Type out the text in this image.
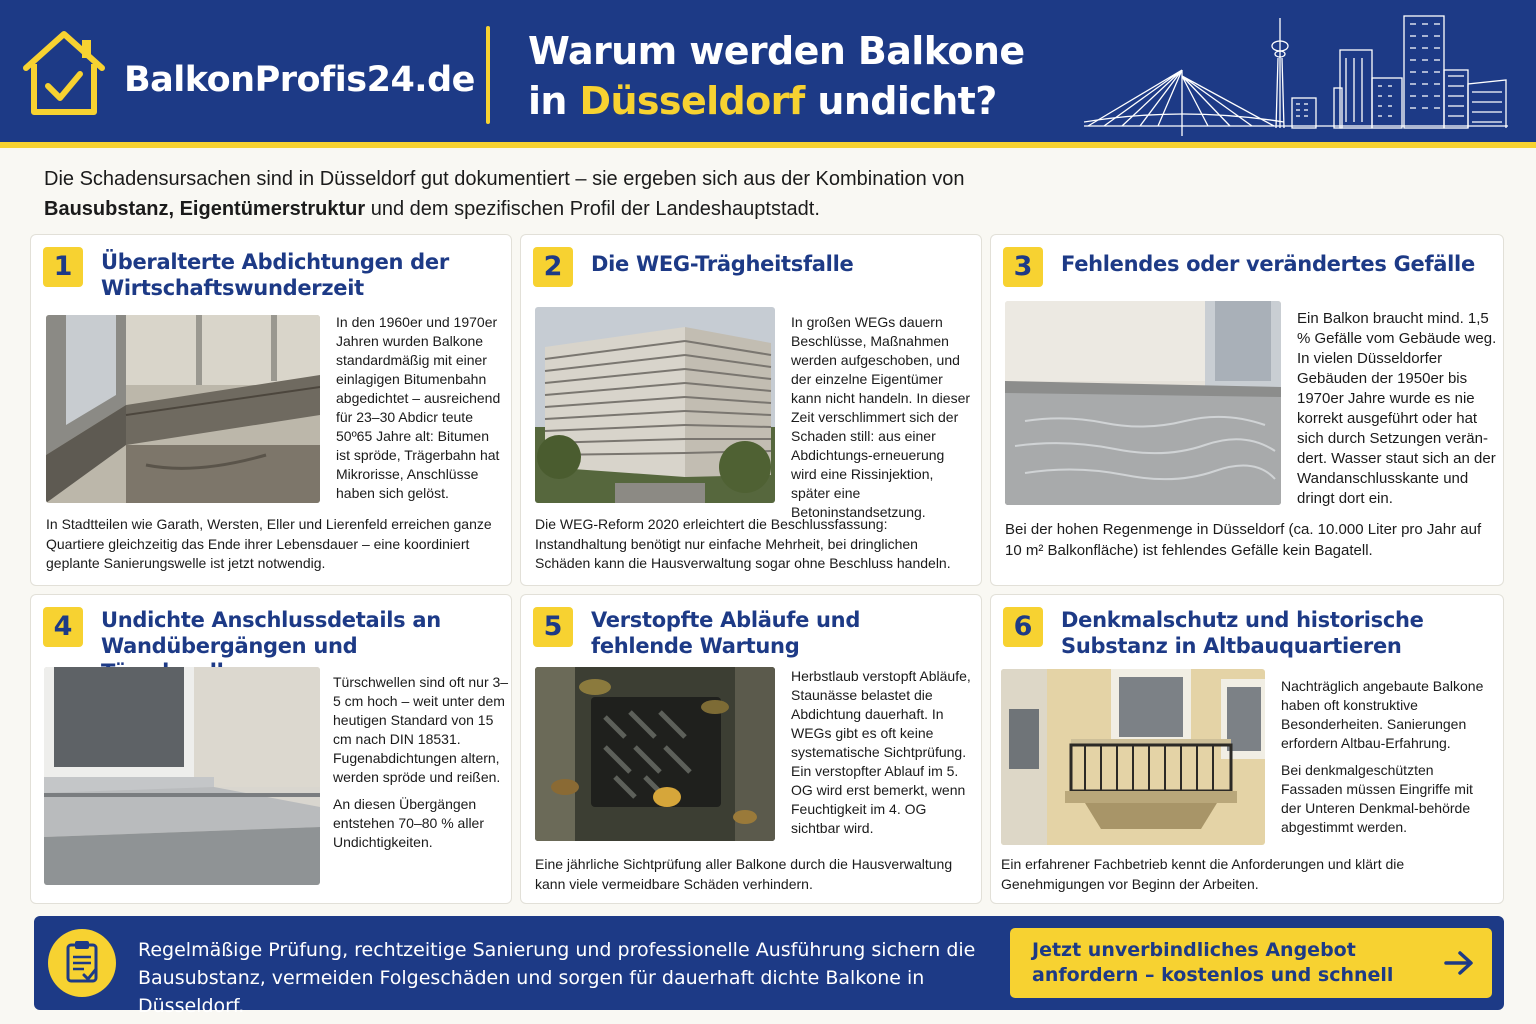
BalkonProfis24.de
Warum werden Balkone
in Düsseldorf undicht?
Die Schadensursachen sind in Düsseldorf gut dokumentiert – sie ergeben sich aus der Kombination von
Bausubstanz, Eigentümerstruktur und dem spezifischen Profil der Landeshauptstadt.
1	Überalterte Abdichtungen der
Wirtschaftswunderzeit

In den 1960er und 1970er Jahren wurden Balkone standardmäßig mit einer einlagigen Bitumenbahn abgedichtet – ausreichend für 23–30 Abdicr teute 50º65 Jahre alt: Bitumen ist spröde, Trägerbahn hat Mikrorisse, Anschlüsse haben sich gelöst.

In Stadtteilen wie Garath, Wersten, Eller und Lierenfeld erreichen ganze Quartiere gleichzeitig das Ende ihrer Lebensdauer – eine koordiniert geplante Sanierungswelle ist jetzt notwendig.
2	Die WEG-Trägheitsfalle

In großen WEGs dauern Beschlüsse, Maßnahmen werden aufgeschoben, und der einzelne Eigentümer kann nicht handeln. In dieser Zeit verschlimmert sich der Schaden still: aus einer Abdichtungs-erneuerung wird eine Rissinjektion, später eine Betoninstandsetzung.

Die WEG-Reform 2020 erleichtert die Beschlussfassung: Instandhaltung benötigt nur einfache Mehrheit, bei dringlichen Schäden kann die Hausverwaltung sogar ohne Beschluss handeln.
3	Fehlendes oder verändertes Gefälle

Ein Balkon braucht mind. 1,5 % Gefälle vom Gebäude weg. In vielen Düsseldorfer Gebäuden der 1950er bis 1970er Jahre wurde es nie korrekt ausgeführt oder hat sich durch Setzungen verän-dert. Wasser staut sich an der Wandanschlusskante und dringt dort ein.

Bei der hohen Regenmenge in Düsseldorf (ca. 10.000 Liter pro Jahr auf 10 m² Balkonfläche) ist fehlendes Gefälle kein Bagatell.
4	Undichte Anschlussdetails an
Wandübergängen und

Türschwellen sind oft nur 3–5 cm hoch – weit unter dem heutigen Standard von 15 cm nach DIN 18531. Fugenabdichtungen altern, werden spröde und reißen.

An diesen Übergängen entstehen 70–80 % aller Undichtigkeiten.

5	Verstopfte Abläufe und
fehlende Wartung

Herbstlaub verstopft Abläufe, Staunässe belastet die Abdichtung dauerhaft. In WEGs gibt es oft keine systematische Sichtprüfung. Ein verstopfter Ablauf im 5. OG wird erst bemerkt, wenn Feuchtigkeit im 4. OG sichtbar wird.

Eine jährliche Sichtprüfung aller Balkone durch die Hausverwaltung kann viele vermeidbare Schäden verhindern.
6	Denkmalschutz und historische
Substanz in Altbauquartieren

Nachträglich angebaute Balkone haben oft konstruktive Besonderheiten. Sanierungen erfordern Altbau-Erfahrung.

Bei denkmalgeschützten Fassaden müssen Eingriffe mit der Unteren Denkmal-behörde abgestimmt werden.

Ein erfahrener Fachbetrieb kennt die Anforderungen und klärt die Genehmigungen vor Beginn der Arbeiten.
Regelmäßige Prüfung, rechtzeitige Sanierung und professionelle Ausführung sichern die Bausubstanz, vermeiden Folgeschäden und sorgen für dauerhaft dichte Balkone in Düsseldorf.
Jetzt unverbindliches Angebot anfordern – kostenlos und schnell
